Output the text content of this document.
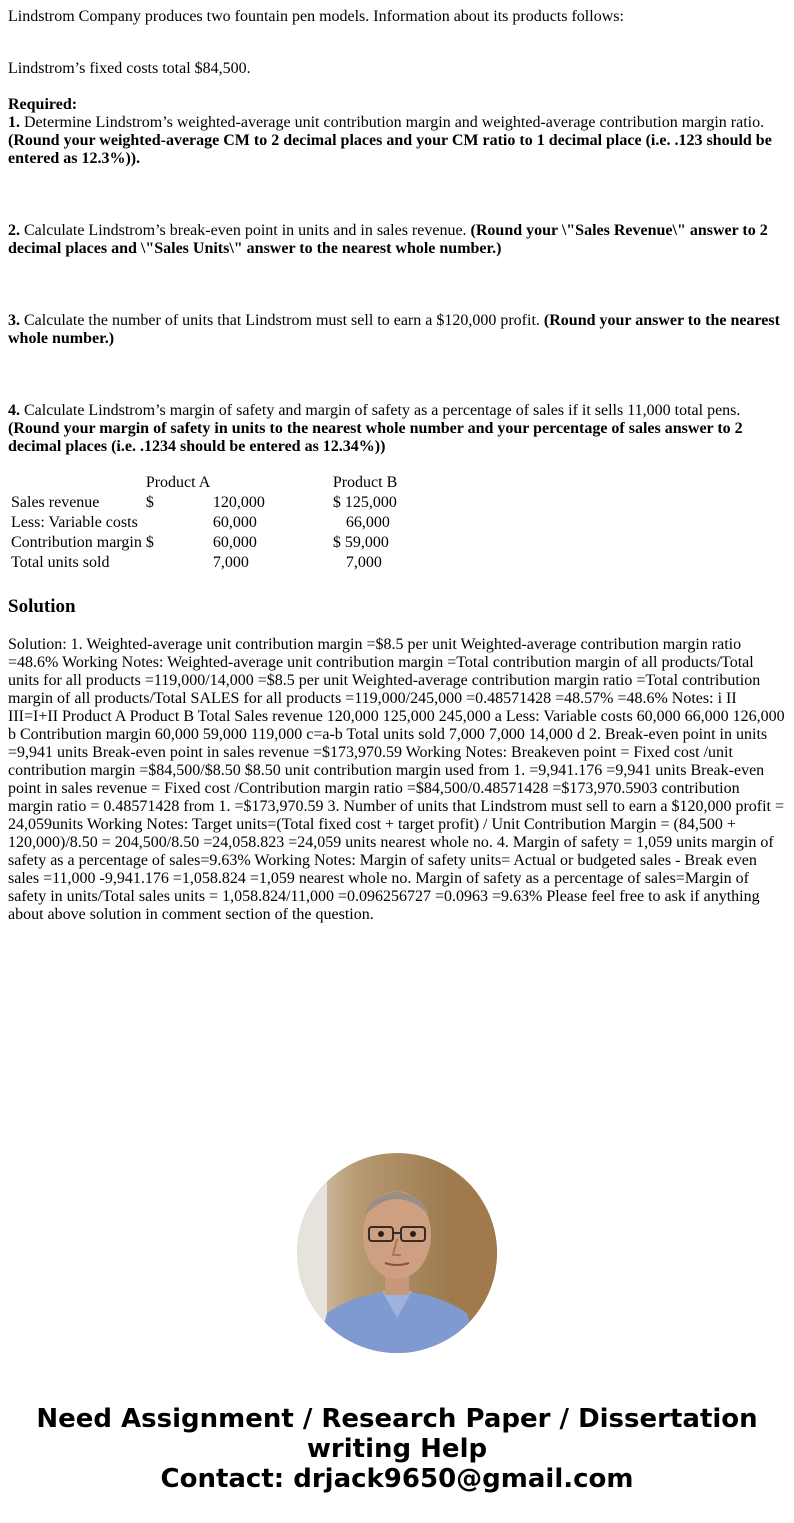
Lindstrom Company produces two fountain pen models. Information about its products follows:

Lindstrom’s fixed costs total $84,500.

Required:
1. Determine Lindstrom’s weighted-average unit contribution margin and weighted-average contribution margin ratio. (Round your weighted-average CM to 2 decimal places and your CM ratio to 1 decimal place (i.e. .123 should be entered as 12.3%)).
2. Calculate Lindstrom’s break-even point in units and in sales revenue. (Round your \"Sales Revenue\" answer to 2 decimal places and \"Sales Units\" answer to the nearest whole number.)
3. Calculate the number of units that Lindstrom must sell to earn a $120,000 profit. (Round your answer to the nearest whole number.)
4. Calculate Lindstrom’s margin of safety and margin of safety as a percentage of sales if it sells 11,000 total pens. (Round your margin of safety in units to the nearest whole number and your percentage of sales answer to 2 decimal places (i.e. .1234 should be entered as 12.34%))
	Product A		Product B	
Sales revenue	$	120,000	$	125,000
Less: Variable costs		60,000		66,000
Contribution margin	$	60,000	$	59,000
Total units sold		7,000		7,000
Solution

Solution: 1. Weighted-average unit contribution margin =$8.5 per unit Weighted-average contribution margin ratio =48.6% Working Notes: Weighted-average unit contribution margin =Total contribution margin of all products/Total units for all products =119,000/14,000 =$8.5 per unit Weighted-average contribution margin ratio =Total contribution margin of all products/Total SALES for all products =119,000/245,000 =0.48571428 =48.57% =48.6% Notes: i II III=I+II Product A Product B Total Sales revenue 120,000 125,000 245,000 a Less: Variable costs 60,000 66,000 126,000 b Contribution margin 60,000 59,000 119,000 c=a-b Total units sold 7,000 7,000 14,000 d 2. Break-even point in units =9,941 units Break-even point in sales revenue =$173,970.59 Working Notes: Breakeven point = Fixed cost /unit contribution margin =$84,500/$8.50 $8.50 unit contribution margin used from 1. =9,941.176 =9,941 units Break-even point in sales revenue = Fixed cost /Contribution margin ratio =$84,500/0.48571428 =$173,970.5903 contribution margin ratio = 0.48571428 from 1. =$173,970.59 3. Number of units that Lindstrom must sell to earn a $120,000 profit = 24,059units Working Notes: Target units=(Total fixed cost + target profit) / Unit Contribution Margin = (84,500 + 120,000)/8.50 = 204,500/8.50 =24,058.823 =24,059 units nearest whole no. 4. Margin of safety = 1,059 units margin of safety as a percentage of sales=9.63% Working Notes: Margin of safety units= Actual or budgeted sales - Break even sales =11,000 -9,941.176 =1,058.824 =1,059 nearest whole no. Margin of safety as a percentage of sales=Margin of safety in units/Total sales units = 1,058.824/11,000 =0.096256727 =0.0963 =9.63% Please feel free to ask if anything about above solution in comment section of the question.

Need Assignment / Research Paper / Dissertation
writing Help
Contact: drjack9650@gmail.com
